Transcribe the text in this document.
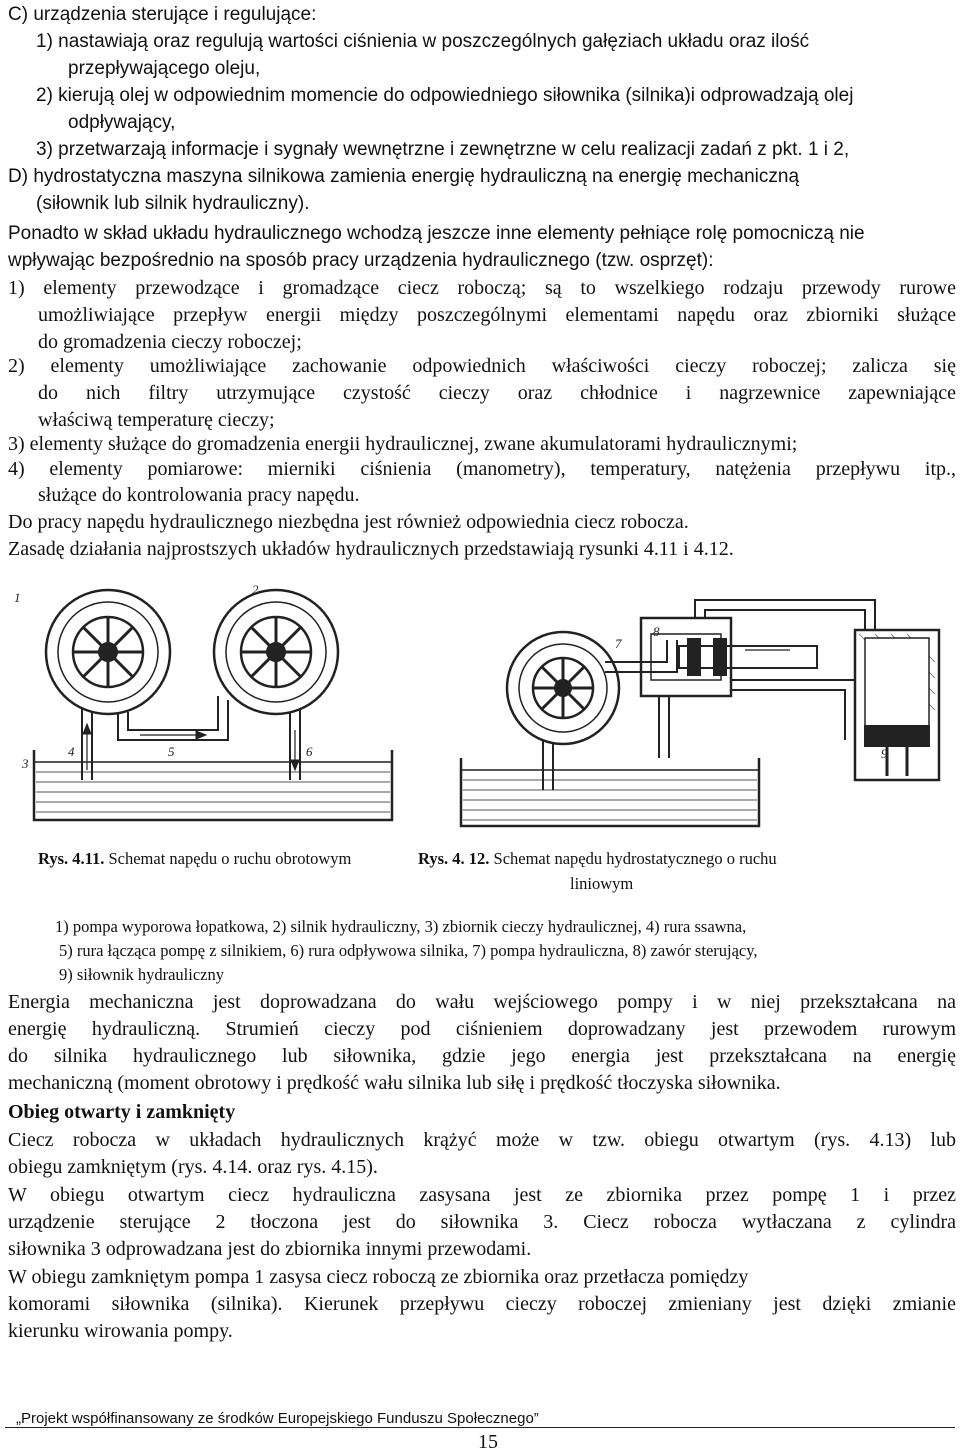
C) urządzenia sterujące i regulujące:
1) nastawiają oraz regulują wartości ciśnienia w poszczególnych gałęziach układu oraz ilość
przepływającego oleju,
2) kierują olej w odpowiednim momencie do odpowiedniego siłownika (silnika)i odprowadzają olej
odpływający,
3) przetwarzają informacje i sygnały wewnętrzne i zewnętrzne w celu realizacji zadań z pkt. 1 i 2,
D) hydrostatyczna maszyna silnikowa zamienia energię hydrauliczną na energię mechaniczną
(siłownik lub silnik hydrauliczny).
Ponadto w skład układu hydraulicznego wchodzą jeszcze inne elementy pełniące rolę pomocniczą nie
wpływając bezpośrednio na sposób pracy urządzenia hydraulicznego (tzw. osprzęt):
1) elementy przewodzące i gromadzące ciecz roboczą; są to wszelkiego rodzaju przewody rurowe
umożliwiające przepływ energii między poszczególnymi elementami napędu oraz zbiorniki służące
do gromadzenia cieczy roboczej;
2) elementy umożliwiające zachowanie odpowiednich właściwości cieczy roboczej; zalicza się
do nich filtry utrzymujące czystość cieczy oraz chłodnice i nagrzewnice zapewniające
właściwą temperaturę cieczy;
3) elementy służące do gromadzenia energii hydraulicznej, zwane akumulatorami hydraulicznymi;
4) elementy pomiarowe: mierniki ciśnienia (manometry), temperatury, natężenia przepływu itp.,
służące do kontrolowania pracy napędu.
Do pracy napędu hydraulicznego niezbędna jest również odpowiednia ciecz robocza.
Zasadę działania najprostszych układów hydraulicznych przedstawiają rysunki 4.11 i 4.12.
1
2
3
4	5	6
8
7
9
Rys. 4.11. Schemat napędu o ruchu obrotowym	Rys. 4. 12. Schemat napędu hydrostatycznego o ruchu
liniowym
1) pompa wyporowa łopatkowa, 2) silnik hydrauliczny, 3) zbiornik cieczy hydraulicznej, 4) rura ssawna,
5) rura łącząca pompę z silnikiem, 6) rura odpływowa silnika, 7) pompa hydrauliczna, 8) zawór sterujący,
9) siłownik hydrauliczny
Energia mechaniczna jest doprowadzana do wału wejściowego pompy i w niej przekształcana na
energię hydrauliczną. Strumień cieczy pod ciśnieniem doprowadzany jest przewodem rurowym
do silnika hydraulicznego lub siłownika, gdzie jego energia jest przekształcana na energię
mechaniczną (moment obrotowy i prędkość wału silnika lub siłę i prędkość tłoczyska siłownika.
Obieg otwarty i zamknięty
Ciecz robocza w układach hydraulicznych krążyć może w tzw. obiegu otwartym (rys. 4.13) lub
obiegu zamkniętym (rys. 4.14. oraz rys. 4.15).
W obiegu otwartym ciecz hydrauliczna zasysana jest ze zbiornika przez pompę 1 i przez
urządzenie sterujące 2 tłoczona jest do siłownika 3. Ciecz robocza wytłaczana z cylindra
siłownika 3 odprowadzana jest do zbiornika innymi przewodami.
W obiegu zamkniętym pompa 1 zasysa ciecz roboczą ze zbiornika oraz przetłacza pomiędzy
komorami siłownika (silnika). Kierunek przepływu cieczy roboczej zmieniany jest dzięki zmianie
kierunku wirowania pompy.
„Projekt współfinansowany ze środków Europejskiego Funduszu Społecznego”
15
